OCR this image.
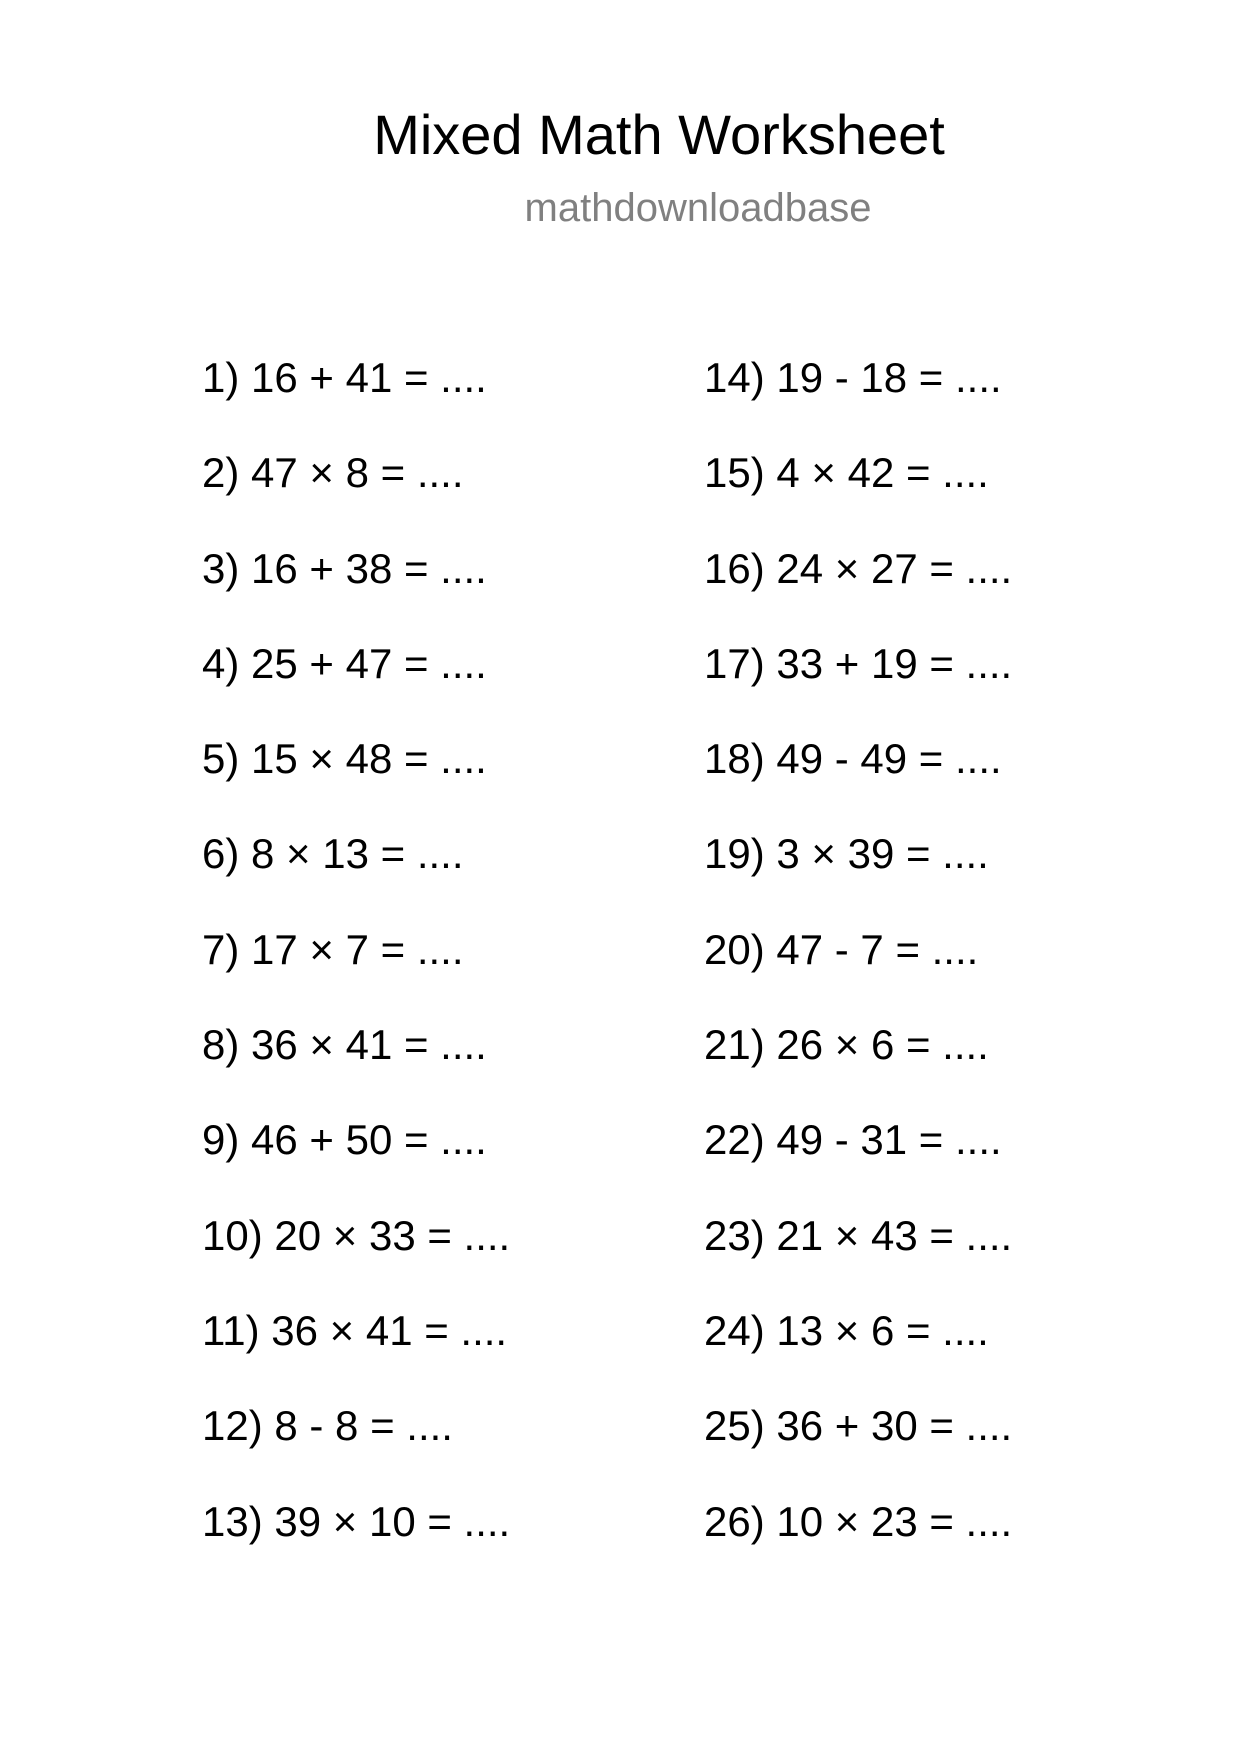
Mixed Math Worksheet
mathdownloadbase
1) 16 + 41 = ....
2) 47 × 8 = ....
3) 16 + 38 = ....
4) 25 + 47 = ....
5) 15 × 48 = ....
6) 8 × 13 = ....
7) 17 × 7 = ....
8) 36 × 41 = ....
9) 46 + 50 = ....
10) 20 × 33 = ....
11) 36 × 41 = ....
12) 8 - 8 = ....
13) 39 × 10 = ....
14) 19 - 18 = ....
15) 4 × 42 = ....
16) 24 × 27 = ....
17) 33 + 19 = ....
18) 49 - 49 = ....
19) 3 × 39 = ....
20) 47 - 7 = ....
21) 26 × 6 = ....
22) 49 - 31 = ....
23) 21 × 43 = ....
24) 13 × 6 = ....
25) 36 + 30 = ....
26) 10 × 23 = ....
